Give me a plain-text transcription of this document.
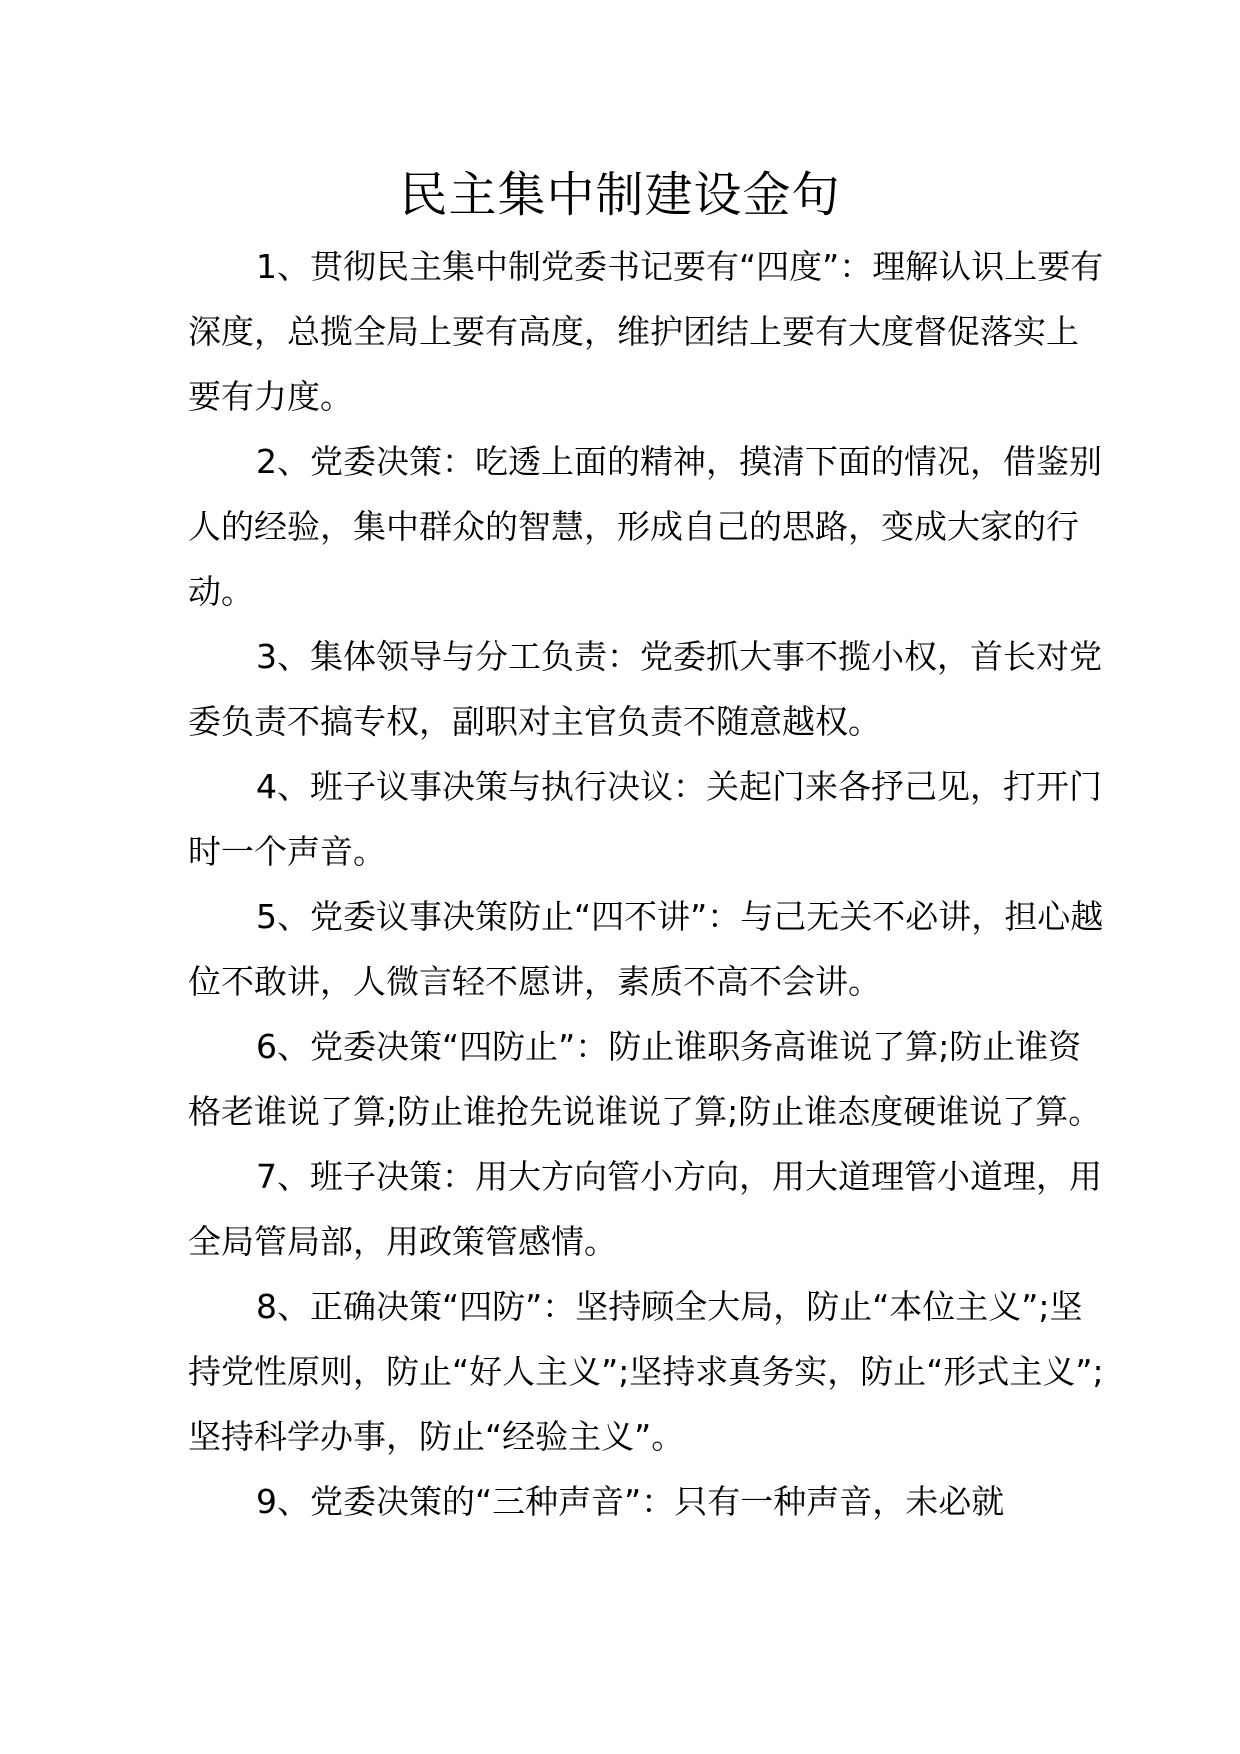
民主集中制建设金句

1、贯彻民主集中制党委书记要有“四度”：理解认识上要有深度，总揽全局上要有高度，维护团结上要有大度督促落实上要有力度。

2、党委决策：吃透上面的精神，摸清下面的情况，借鉴别人的经验，集中群众的智慧，形成自己的思路，变成大家的行动。

3、集体领导与分工负责：党委抓大事不揽小权，首长对党委负责不搞专权，副职对主官负责不随意越权。

4、班子议事决策与执行决议：关起门来各抒己见，打开门时一个声音。

5、党委议事决策防止“四不讲”：与己无关不必讲，担心越位不敢讲，人微言轻不愿讲，素质不高不会讲。

6、党委决策“四防止”：防止谁职务高谁说了算;防止谁资格老谁说了算;防止谁抢先说谁说了算;防止谁态度硬谁说了算。

7、班子决策：用大方向管小方向，用大道理管小道理，用全局管局部，用政策管感情。

8、正确决策“四防”：坚持顾全大局，防止“本位主义”;坚持党性原则，防止“好人主义”;坚持求真务实，防止“形式主义”;坚持科学办事，防止“经验主义”。

9、党委决策的“三种声音”：只有一种声音，未必就
